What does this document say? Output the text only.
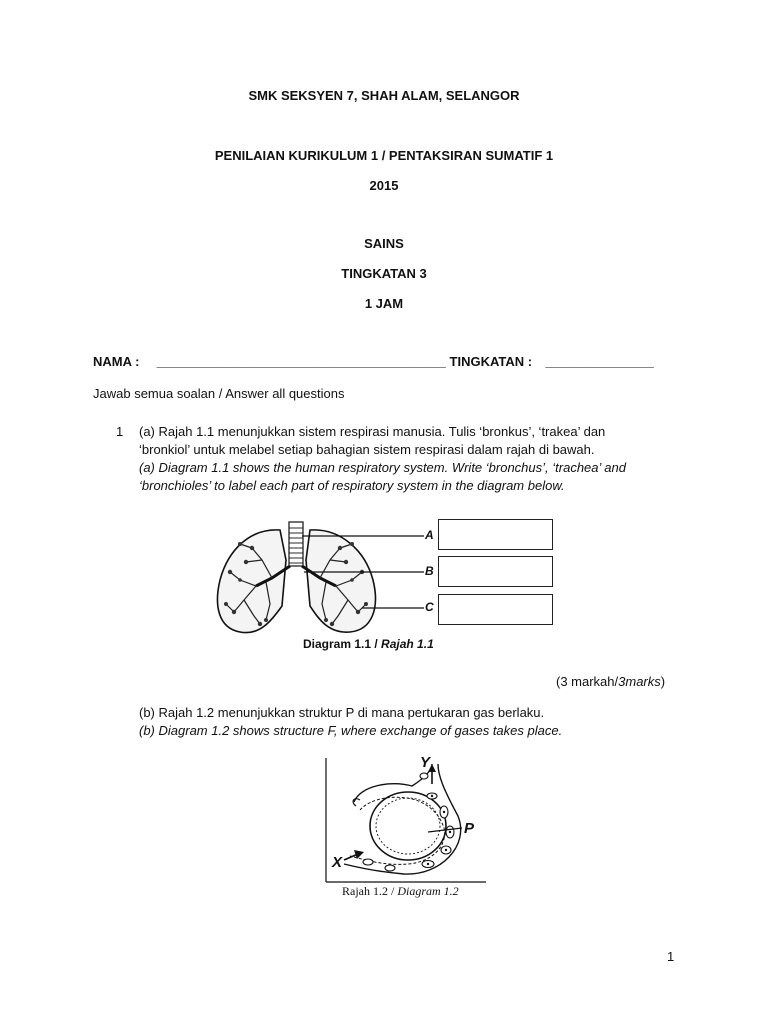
SMK SEKSYEN 7, SHAH ALAM, SELANGOR
PENILAIAN KURIKULUM 1 / PENTAKSIRAN SUMATIF 1
2015
SAINS
TINGKATAN 3
1 JAM
NAMA : ________________________________________ TINGKATAN : _______________
Jawab semua soalan / Answer all questions
1 (a) Rajah 1.1 menunjukkan sistem respirasi manusia. Tulis ‘bronkus’, ‘trakea’ dan
‘bronkiol’ untuk melabel setiap bahagian sistem respirasi dalam rajah di bawah.
(a) Diagram 1.1 shows the human respiratory system. Write ‘bronchus’, ‘trachea’ and
‘bronchioles’ to label each part of respiratory system in the diagram below.
A
B
C
Diagram 1.1 / Rajah 1.1
(3 markah/3marks)
(b) Rajah 1.2 menunjukkan struktur P di mana pertukaran gas berlaku.
(b) Diagram 1.2 shows structure F, where exchange of gases takes place.
Y
P
X
Rajah 1.2 / Diagram 1.2
1
